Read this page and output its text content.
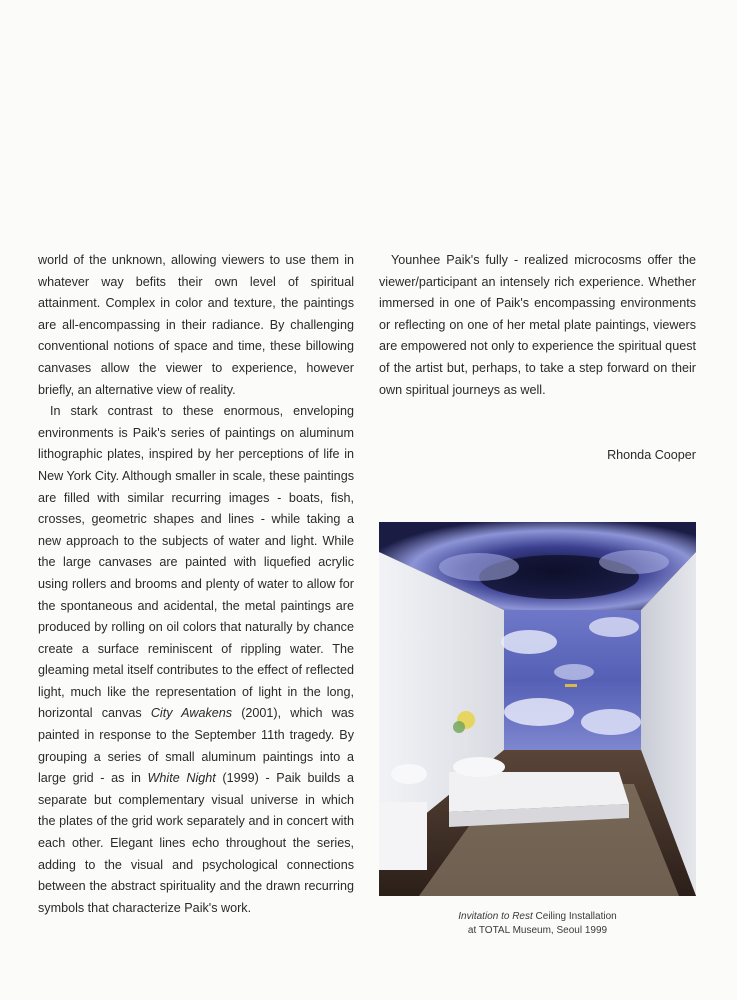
world of the unknown, allowing viewers to use them in whatever way befits their own level of spiritual attainment. Complex in color and texture, the paintings are all-encompassing in their radiance. By challenging conventional notions of space and time, these billowing canvases allow the viewer to experience, however briefly, an alternative view of reality.

In stark contrast to these enormous, enveloping environments is Paik's series of paintings on aluminum lithographic plates, inspired by her perceptions of life in New York City. Although smaller in scale, these paintings are filled with similar recurring images - boats, fish, crosses, geometric shapes and lines - while taking a new approach to the subjects of water and light. While the large canvases are painted with liquefied acrylic using rollers and brooms and plenty of water to allow for the spontaneous and acidental, the metal paintings are produced by rolling on oil colors that naturally by chance create a surface reminiscent of rippling water. The gleaming metal itself contributes to the effect of reflected light, much like the representation of light in the long, horizontal canvas City Awakens (2001), which was painted in response to the September 11th tragedy. By grouping a series of small aluminum paintings into a large grid - as in White Night (1999) - Paik builds a separate but complementary visual universe in which the plates of the grid work separately and in concert with each other. Elegant lines echo throughout the series, adding to the visual and psychological connections between the abstract spirituality and the drawn recurring symbols that characterize Paik's work.

Younhee Paik's fully - realized microcosms offer the viewer/participant an intensely rich experience. Whether immersed in one of Paik's encompassing environments or reflecting on one of her metal plate paintings, viewers are empowered not only to experience the spiritual quest of the artist but, perhaps, to take a step forward on their own spiritual journeys as well.

Rhonda Cooper
Invitation to Rest Ceiling Installation
at TOTAL Museum, Seoul 1999
